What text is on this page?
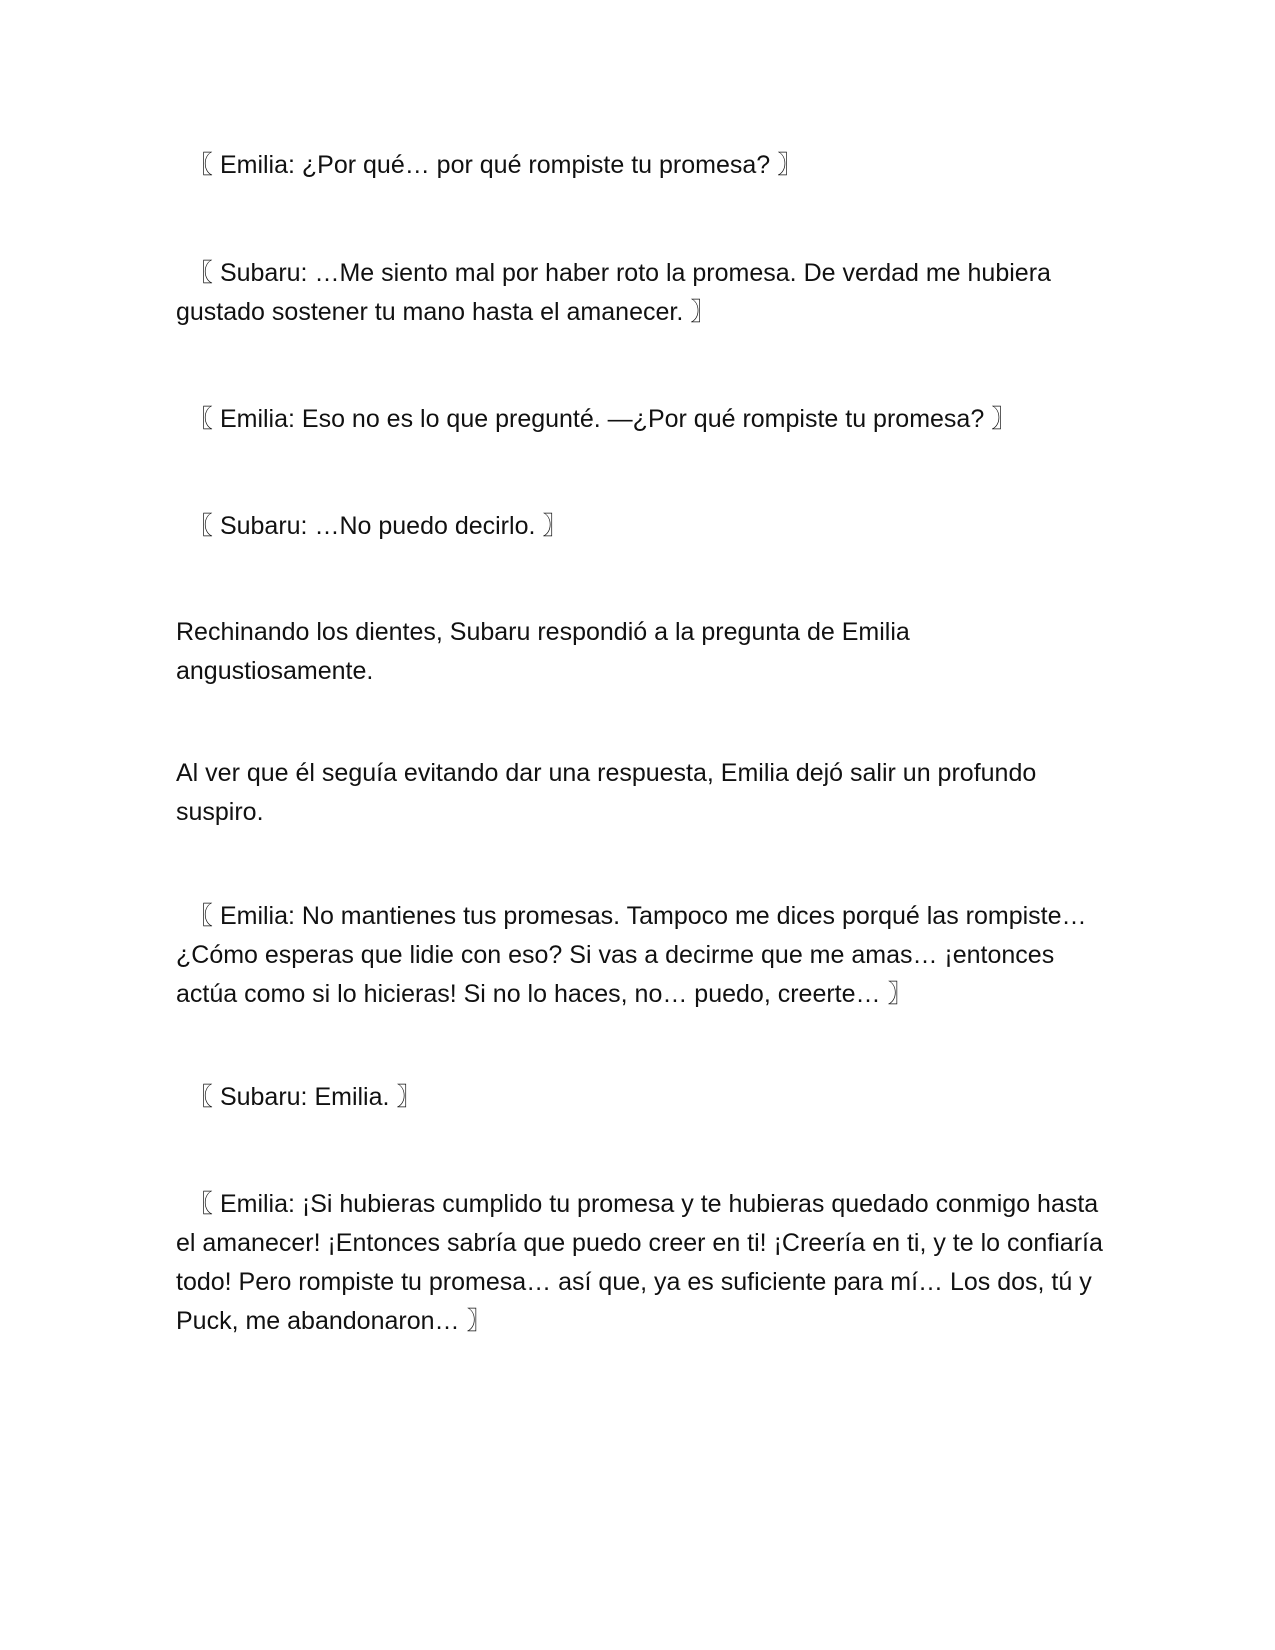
〖 Emilia: ¿Por qué… por qué rompiste tu promesa? 〗

〖 Subaru: …Me siento mal por haber roto la promesa. De verdad me hubiera gustado sostener tu mano hasta el amanecer. 〗

〖 Emilia: Eso no es lo que pregunté. —¿Por qué rompiste tu promesa? 〗

〖 Subaru: …No puedo decirlo. 〗

Rechinando los dientes, Subaru respondió a la pregunta de Emilia angustiosamente.

Al ver que él seguía evitando dar una respuesta, Emilia dejó salir un profundo suspiro.

〖 Emilia: No mantienes tus promesas. Tampoco me dices porqué las rompiste… ¿Cómo esperas que lidie con eso? Si vas a decirme que me amas… ¡entonces actúa como si lo hicieras! Si no lo haces, no… puedo, creerte… 〗

〖 Subaru: Emilia. 〗

〖 Emilia: ¡Si hubieras cumplido tu promesa y te hubieras quedado conmigo hasta el amanecer! ¡Entonces sabría que puedo creer en ti! ¡Creería en ti, y te lo confiaría todo! Pero rompiste tu promesa… así que, ya es suficiente para mí… Los dos, tú y Puck, me abandonaron… 〗
